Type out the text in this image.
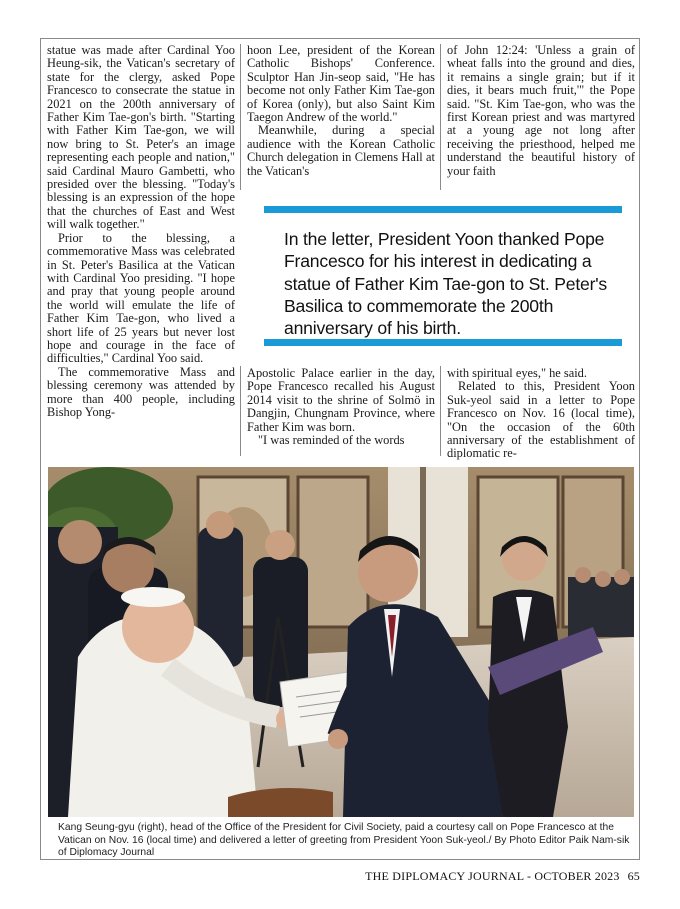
statue was made after Cardinal Yoo Heung-sik, the Vatican's secretary of state for the clergy, asked Pope Francesco to consecrate the statue in 2021 on the 200th anniversary of Father Kim Tae-gon's birth. "Starting with Father Kim Tae-gon, we will now bring to St. Peter's an image representing each people and nation," said Cardinal Mauro Gambetti, who presided over the blessing. "Today's blessing is an expression of the hope that the churches of East and West will walk together."

Prior to the blessing, a commemorative Mass was celebrated in St. Peter's Basilica at the Vatican with Cardinal Yoo presiding. "I hope and pray that young people around the world will emulate the life of Father Kim Tae-gon, who lived a short life of 25 years but never lost hope and courage in the face of difficulties," Cardinal Yoo said.

The commemorative Mass and blessing ceremony was attended by more than 400 people, including Bishop Yong-

hoon Lee, president of the Korean Catholic Bishops' Conference. Sculptor Han Jin-seop said, "He has become not only Father Kim Tae-gon of Korea (only), but also Saint Kim Taegon Andrew of the world."

Meanwhile, during a special audience with the Korean Catholic Church delegation in Clemens Hall at the Vatican's

of John 12:24: 'Unless a grain of wheat falls into the ground and dies, it remains a single grain; but if it dies, it bears much fruit,'" the Pope said. "St. Kim Tae-gon, who was the first Korean priest and was martyred at a young age not long after receiving the priesthood, helped me understand the beautiful history of your faith

In the letter, President Yoon thanked Pope Francesco for his interest in dedicating a statue of Father Kim Tae-gon to St. Peter's Basilica to commemorate the 200th anniversary of his birth.

Apostolic Palace earlier in the day, Pope Francesco recalled his August 2014 visit to the shrine of Solmö in Dangjin, Chungnam Province, where Father Kim was born.

"I was reminded of the words

with spiritual eyes," he said.

Related to this, President Yoon Suk-yeol said in a letter to Pope Francesco on Nov. 16 (local time), "On the occasion of the 60th anniversary of the establishment of diplomatic re-

Kang Seung-gyu (right), head of the Office of the President for Civil Society, paid a courtesy call on Pope Francesco at the Vatican on Nov. 16 (local time) and delivered a letter of greeting from President Yoon Suk-yeol./ By Photo Editor Paik Nam-sik of Diplomacy Journal
THE DIPLOMACY JOURNAL - OCTOBER 2023 65
